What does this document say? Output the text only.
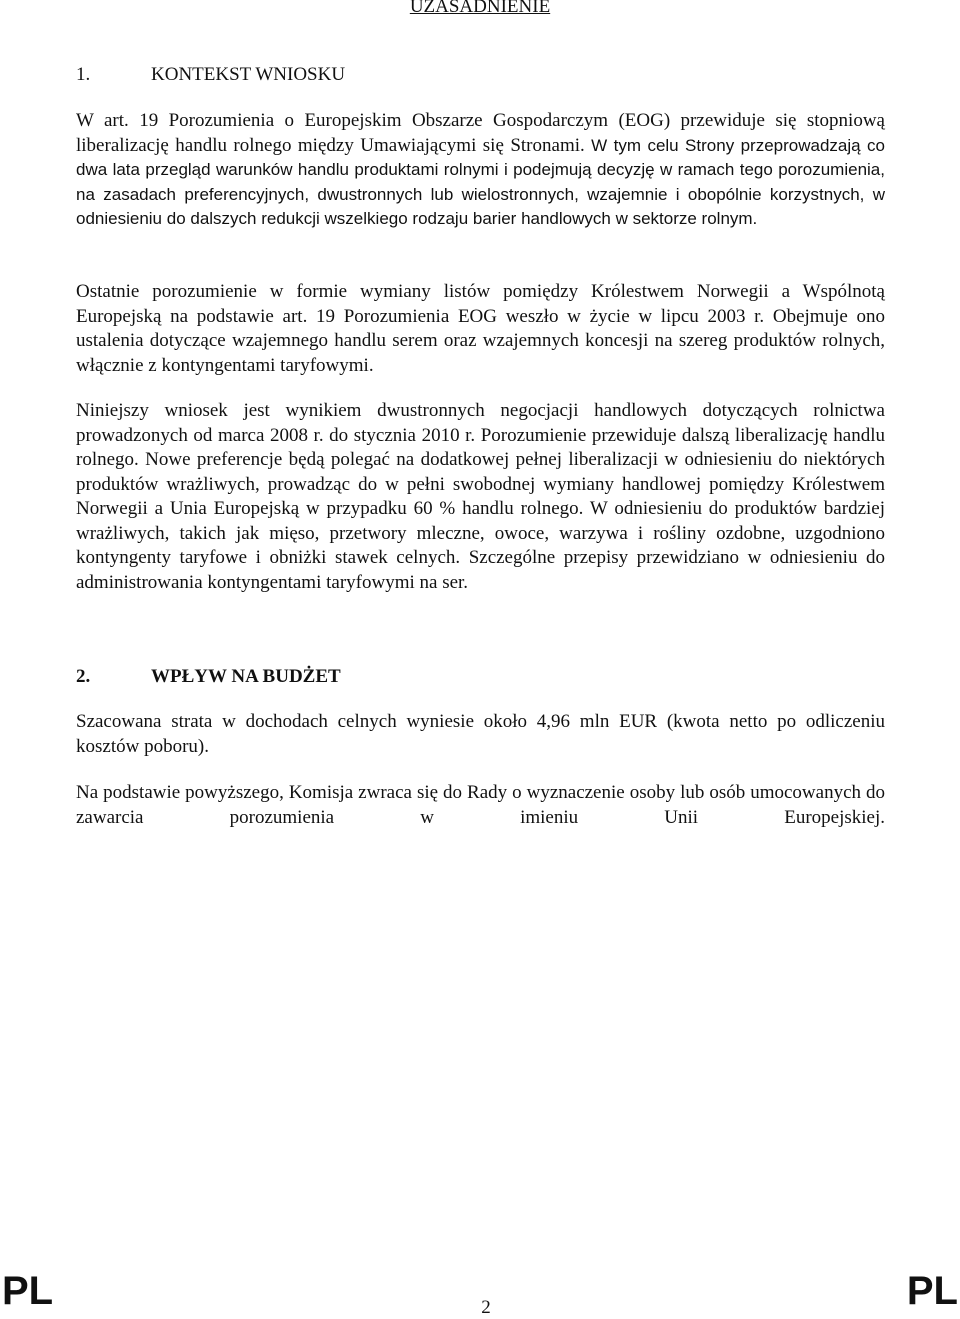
UZASADNIENIE
1.	KONTEKST WNIOSKU

W art. 19 Porozumienia o Europejskim Obszarze Gospodarczym (EOG) przewiduje się stopniową liberalizację handlu rolnego między Umawiającymi się Stronami. W tym celu Strony przeprowadzają co dwa lata przegląd warunków handlu produktami rolnymi i podejmują decyzję w ramach tego porozumienia, na zasadach preferencyjnych, dwustronnych lub wielostronnych, wzajemnie i obopólnie korzystnych, w odniesieniu do dalszych redukcji wszelkiego rodzaju barier handlowych w sektorze rolnym.

Ostatnie porozumienie w formie wymiany listów pomiędzy Królestwem Norwegii a Wspólnotą Europejską na podstawie art. 19 Porozumienia EOG weszło w życie w lipcu 2003 r. Obejmuje ono ustalenia dotyczące wzajemnego handlu serem oraz wzajemnych koncesji na szereg produktów rolnych, włącznie z kontyngentami taryfowymi.

Niniejszy wniosek jest wynikiem dwustronnych negocjacji handlowych dotyczących rolnictwa prowadzonych od marca 2008 r. do stycznia 2010 r. Porozumienie przewiduje dalszą liberalizację handlu rolnego. Nowe preferencje będą polegać na dodatkowej pełnej liberalizacji w odniesieniu do niektórych produktów wrażliwych, prowadząc do w pełni swobodnej wymiany handlowej pomiędzy Królestwem Norwegii a Unia Europejską w przypadku 60 % handlu rolnego. W odniesieniu do produktów bardziej wrażliwych, takich jak mięso, przetwory mleczne, owoce, warzywa i rośliny ozdobne, uzgodniono kontyngenty taryfowe i obniżki stawek celnych. Szczególne przepisy przewidziano w odniesieniu do administrowania kontyngentami taryfowymi na ser.

2.	WPŁYW NA BUDŻET

Szacowana strata w dochodach celnych wyniesie około 4,96 mln EUR (kwota netto po odliczeniu kosztów poboru).

Na podstawie powyższego, Komisja zwraca się do Rady o wyznaczenie osoby lub osób umocowanych do zawarcia porozumienia w imieniu Unii Europejskiej.

PL	2	PL
